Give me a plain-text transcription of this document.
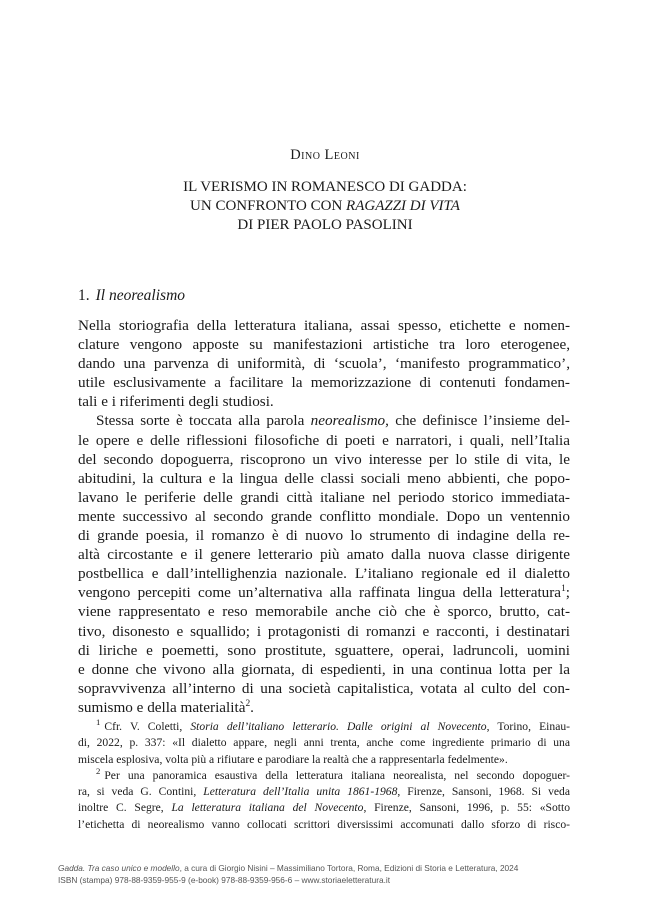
Dino Leoni
IL VERISMO IN ROMANESCO DI GADDA:
UN CONFRONTO CON RAGAZZI DI VITA
DI PIER PAOLO PASOLINI
1. Il neorealismo
Nella storiografia della letteratura italiana, assai spesso, etichette e nomen-
clature vengono apposte su manifestazioni artistiche tra loro eterogenee,
dando una parvenza di uniformità, di ‘scuola’, ‘manifesto programmatico’,
utile esclusivamente a facilitare la memorizzazione di contenuti fondamen-
tali e i riferimenti degli studiosi.
Stessa sorte è toccata alla parola neorealismo, che definisce l’insieme del-
le opere e delle riflessioni filosofiche di poeti e narratori, i quali, nell’Italia
del secondo dopoguerra, riscoprono un vivo interesse per lo stile di vita, le
abitudini, la cultura e la lingua delle classi sociali meno abbienti, che popo-
lavano le periferie delle grandi città italiane nel periodo storico immediata-
mente successivo al secondo grande conflitto mondiale. Dopo un ventennio
di grande poesia, il romanzo è di nuovo lo strumento di indagine della re-
altà circostante e il genere letterario più amato dalla nuova classe dirigente
postbellica e dall’intellighenzia nazionale. L’italiano regionale ed il dialetto
vengono percepiti come un’alternativa alla raffinata lingua della letteratura$^1$;
viene rappresentato e reso memorabile anche ciò che è sporco, brutto, cat-
tivo, disonesto e squallido; i protagonisti di romanzi e racconti, i destinatari
di liriche e poemetti, sono prostitute, sguattere, operai, ladruncoli, uomini
e donne che vivono alla giornata, di espedienti, in una continua lotta per la
sopravvivenza all’interno di una società capitalistica, votata al culto del con-
sumismo e della materialità$^2$.
$^1$ Cfr. V. Coletti, Storia dell’italiano letterario. Dalle origini al Novecento, Torino, Einau-
di, 2022, p. 337: «Il dialetto appare, negli anni trenta, anche come ingrediente primario di una
miscela esplosiva, volta più a rifiutare e parodiare la realtà che a rappresentarla fedelmente».
$^2$ Per una panoramica esaustiva della letteratura italiana neorealista, nel secondo dopoguer-
ra, si veda G. Contini, Letteratura dell’Italia unita 1861-1968, Firenze, Sansoni, 1968. Si veda
inoltre C. Segre, La letteratura italiana del Novecento, Firenze, Sansoni, 1996, p. 55: «Sotto
l’etichetta di neorealismo vanno collocati scrittori diversissimi accomunati dallo sforzo di risco-
Gadda. Tra caso unico e modello, a cura di Giorgio Nisini – Massimiliano Tortora, Roma, Edizioni di Storia e Letteratura, 2024
ISBN (stampa) 978-88-9359-955-9 (e-book) 978-88-9359-956-6 – www.storiaeletteratura.it
